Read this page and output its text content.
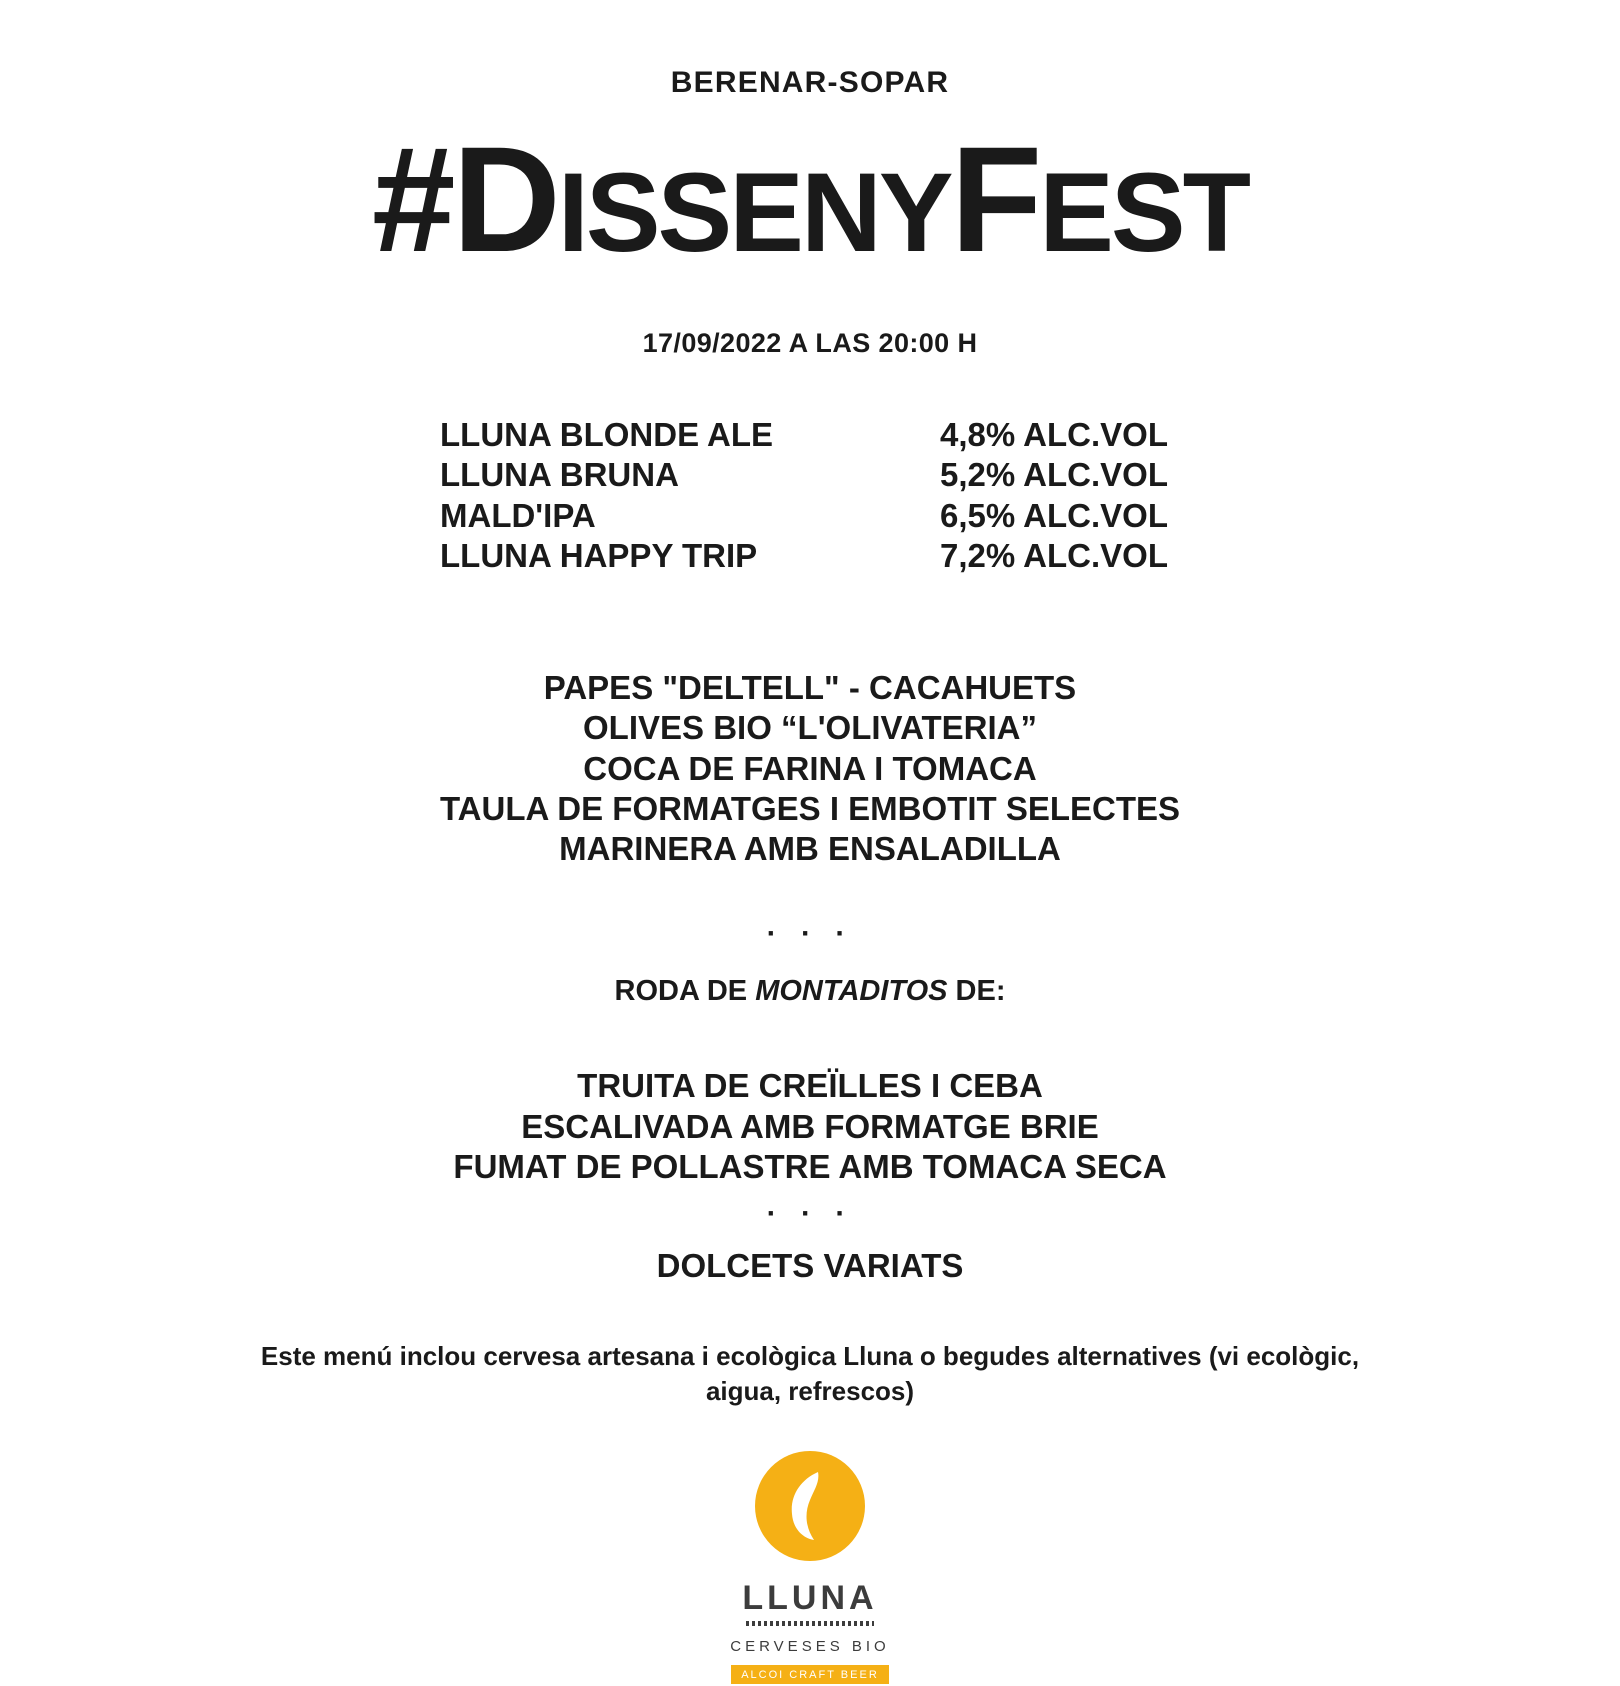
BERENAR-SOPAR
#DISSENYFEST
17/09/2022 A LAS 20:00 H
LLUNA BLONDE ALE	4,8% ALC.VOL
LLUNA BRUNA	5,2% ALC.VOL
MALD'IPA	6,5% ALC.VOL
LLUNA HAPPY TRIP	7,2% ALC.VOL
PAPES "DELTELL" - CACAHUETS
OLIVES BIO “L'OLIVATERIA”
COCA DE FARINA I TOMACA
TAULA DE FORMATGES I EMBOTIT SELECTES
MARINERA AMB ENSALADILLA
· · ·
RODA DE MONTADITOS DE:
TRUITA DE CREÏLLES I CEBA
ESCALIVADA AMB FORMATGE BRIE
FUMAT DE POLLASTRE AMB TOMACA SECA
· · ·
DOLCETS VARIATS
Este menú inclou cervesa artesana i ecològica Lluna o begudes alternatives (vi ecològic, aigua, refrescos)
LLUNA
CERVESES BIO
ALCOI CRAFT BEER
